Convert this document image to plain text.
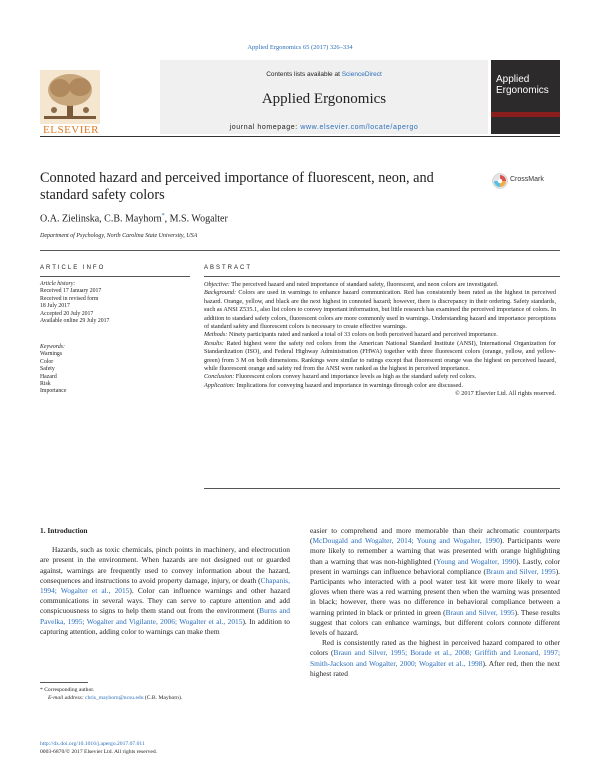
Applied Ergonomics 65 (2017) 326–334
ELSEVIER
Contents lists available at ScienceDirect
Applied Ergonomics
journal homepage: www.elsevier.com/locate/apergo
Applied
Ergonomics
Connoted hazard and perceived importance of fluorescent, neon, and standard safety colors
CrossMark
O.A. Zielinska, C.B. Mayhorn*, M.S. Wogalter
Department of Psychology, North Carolina State University, USA
ARTICLE INFO	ABSTRACT
Article history:
Received 17 January 2017
Received in revised form
18 July 2017
Accepted 20 July 2017
Available online 29 July 2017
Keywords:
Warnings
Color
Safety
Hazard
Risk
Importance

Objective: The perceived hazard and rated importance of standard safety, fluorescent, and neon colors are investigated.

Background: Colors are used in warnings to enhance hazard communication. Red has consistently been rated as the highest in perceived hazard. Orange, yellow, and black are the next highest in connoted hazard; however, there is discrepancy in their ordering. Safety standards, such as ANSI Z535.1, also list colors to convey important information, but little research has examined the perceived importance of colors. In addition to standard safety colors, fluorescent colors are more commonly used in warnings. Understanding hazard and importance perceptions of standard safety and fluorescent colors is necessary to create effective warnings.

Methods: Ninety participants rated and ranked a total of 33 colors on both perceived hazard and perceived importance.

Results: Rated highest were the safety red colors from the American National Standard Institute (ANSI), International Organization for Standardization (ISO), and Federal Highway Administration (FHWA) together with three fluorescent colors (orange, yellow, and yellow-green) from 3 M on both dimensions. Rankings were similar to ratings except that fluorescent orange was the highest on perceived hazard, while fluorescent orange and safety red from the ANSI were ranked as the highest in perceived importance.

Conclusion: Fluorescent colors convey hazard and importance levels as high as the standard safety red colors.

Application: Implications for conveying hazard and importance in warnings through color are discussed.

© 2017 Elsevier Ltd. All rights reserved.

1. Introduction

Hazards, such as toxic chemicals, pinch points in machinery, and electrocution are present in the environment. When hazards are not designed out or guarded against, warnings are frequently used to convey information about the hazard, consequences and instructions to avoid property damage, injury, or death (Chapanis, 1994; Wogalter et al., 2015). Color can influence warnings and other hazard communications in several ways. They can serve to capture attention and add conspicuousness to signs to help them stand out from the environment (Burns and Pavelka, 1995; Wogalter and Vigilante, 2006; Wogalter et al., 2015). In addition to capturing attention, adding color to warnings can make them

easier to comprehend and more memorable than their achromatic counterparts (McDougald and Wogalter, 2014; Young and Wogalter, 1990). Participants were more likely to remember a warning that was presented with orange highlighting than a warning that was non-highlighted (Young and Wogalter, 1990). Lastly, color present in warnings can influence behavioral compliance (Braun and Silver, 1995). Participants who interacted with a pool water test kit were more likely to wear gloves when there was a red warning present then when the warning was presented in black; however, there was no difference in behavioral compliance between a warning printed in black or printed in green (Braun and Silver, 1995). These results suggest that colors can enhance warnings, but different colors connote different levels of hazard.

Red is consistently rated as the highest in perceived hazard compared to other colors (Braun and Silver, 1995; Borade et al., 2008; Griffith and Leonard, 1997; Smith-Jackson and Wogalter, 2000; Wogalter et al., 1998). After red, then the next highest rated

* Corresponding author.
E-mail address: chris_mayhorn@ncsu.edu (C.B. Mayhorn).
http://dx.doi.org/10.1016/j.apergo.2017.07.011
0003-6870/© 2017 Elsevier Ltd. All rights reserved.
